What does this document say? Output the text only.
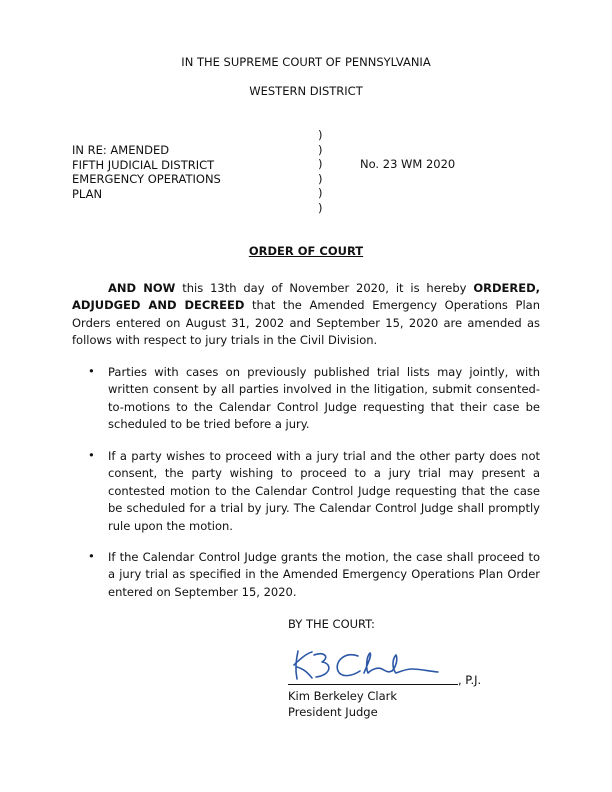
IN THE SUPREME COURT OF PENNSYLVANIA
WESTERN DISTRICT
IN RE: AMENDED
FIFTH JUDICIAL DISTRICT
EMERGENCY OPERATIONS
PLAN
)
)
)
)
)
)
No. 23 WM 2020
ORDER OF COURT
AND NOW this 13th day of November 2020, it is hereby ORDERED, ADJUDGED AND DECREED that the Amended Emergency Operations Plan Orders entered on August 31, 2002 and September 15, 2020 are amended as follows with respect to jury trials in the Civil Division.
• Parties with cases on previously published trial lists may jointly, with written consent by all parties involved in the litigation, submit consented-to-motions to the Calendar Control Judge requesting that their case be scheduled to be tried before a jury.
• If a party wishes to proceed with a jury trial and the other party does not consent, the party wishing to proceed to a jury trial may present a contested motion to the Calendar Control Judge requesting that the case be scheduled for a trial by jury. The Calendar Control Judge shall promptly rule upon the motion.
• If the Calendar Control Judge grants the motion, the case shall proceed to a jury trial as specified in the Amended Emergency Operations Plan Order entered on September 15, 2020.
BY THE COURT:
, P.J.
Kim Berkeley Clark
President Judge
